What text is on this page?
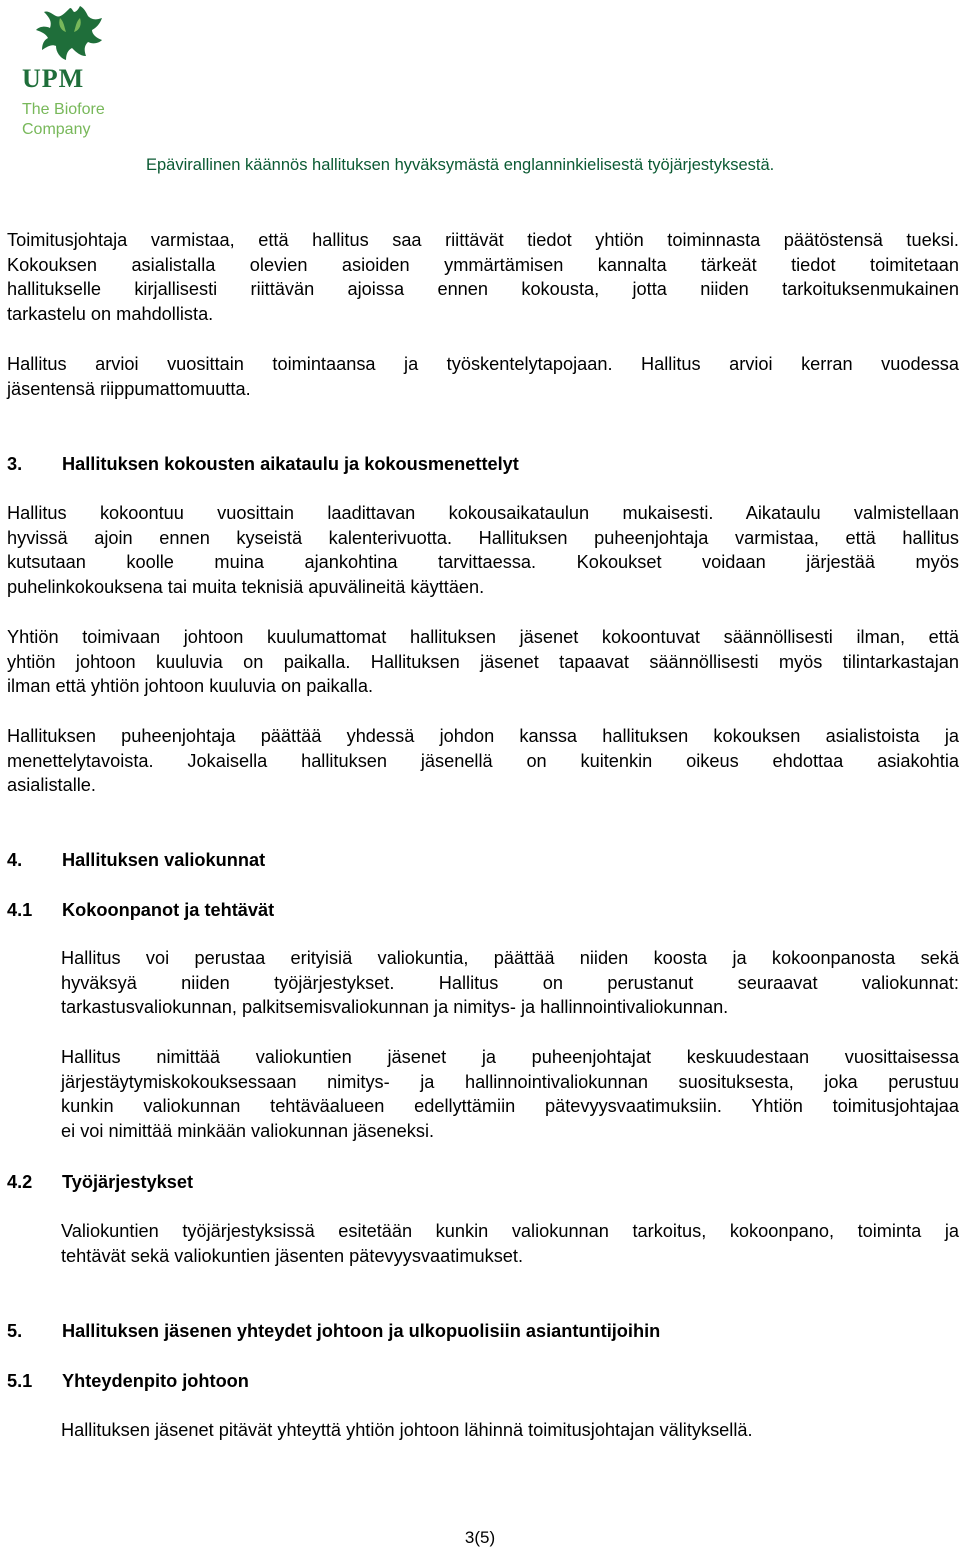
UPM
The Biofore
Company
Epävirallinen käännös hallituksen hyväksymästä englanninkielisestä työjärjestyksestä.
Toimitusjohtaja varmistaa, että hallitus saa riittävät tiedot yhtiön toiminnasta päätöstensä tueksi.
Kokouksen asialistalla olevien asioiden ymmärtämisen kannalta tärkeät tiedot toimitetaan
hallitukselle kirjallisesti riittävän ajoissa ennen kokousta, jotta niiden tarkoituksenmukainen
tarkastelu on mahdollista.
Hallitus arvioi vuosittain toimintaansa ja työskentelytapojaan. Hallitus arvioi kerran vuodessa
jäsentensä riippumattomuutta.
3. Hallituksen kokousten aikataulu ja kokousmenettelyt
Hallitus kokoontuu vuosittain laadittavan kokousaikataulun mukaisesti. Aikataulu valmistellaan
hyvissä ajoin ennen kyseistä kalenterivuotta. Hallituksen puheenjohtaja varmistaa, että hallitus
kutsutaan koolle muina ajankohtina tarvittaessa. Kokoukset voidaan järjestää myös
puhelinkokouksena tai muita teknisiä apuvälineitä käyttäen.
Yhtiön toimivaan johtoon kuulumattomat hallituksen jäsenet kokoontuvat säännöllisesti ilman, että
yhtiön johtoon kuuluvia on paikalla. Hallituksen jäsenet tapaavat säännöllisesti myös tilintarkastajan
ilman että yhtiön johtoon kuuluvia on paikalla.
Hallituksen puheenjohtaja päättää yhdessä johdon kanssa hallituksen kokouksen asialistoista ja
menettelytavoista. Jokaisella hallituksen jäsenellä on kuitenkin oikeus ehdottaa asiakohtia
asialistalle.
4. Hallituksen valiokunnat
4.1 Kokoonpanot ja tehtävät
Hallitus voi perustaa erityisiä valiokuntia, päättää niiden koosta ja kokoonpanosta sekä
hyväksyä niiden työjärjestykset. Hallitus on perustanut seuraavat valiokunnat:
tarkastusvaliokunnan, palkitsemisvaliokunnan ja nimitys- ja hallinnointivaliokunnan.
Hallitus nimittää valiokuntien jäsenet ja puheenjohtajat keskuudestaan vuosittaisessa
järjestäytymiskokouksessaan nimitys- ja hallinnointivaliokunnan suosituksesta, joka perustuu
kunkin valiokunnan tehtäväalueen edellyttämiin pätevyysvaatimuksiin. Yhtiön toimitusjohtajaa
ei voi nimittää minkään valiokunnan jäseneksi.
4.2 Työjärjestykset
Valiokuntien työjärjestyksissä esitetään kunkin valiokunnan tarkoitus, kokoonpano, toiminta ja
tehtävät sekä valiokuntien jäsenten pätevyysvaatimukset.
5. Hallituksen jäsenen yhteydet johtoon ja ulkopuolisiin asiantuntijoihin
5.1 Yhteydenpito johtoon
Hallituksen jäsenet pitävät yhteyttä yhtiön johtoon lähinnä toimitusjohtajan välityksellä.
3(5)
